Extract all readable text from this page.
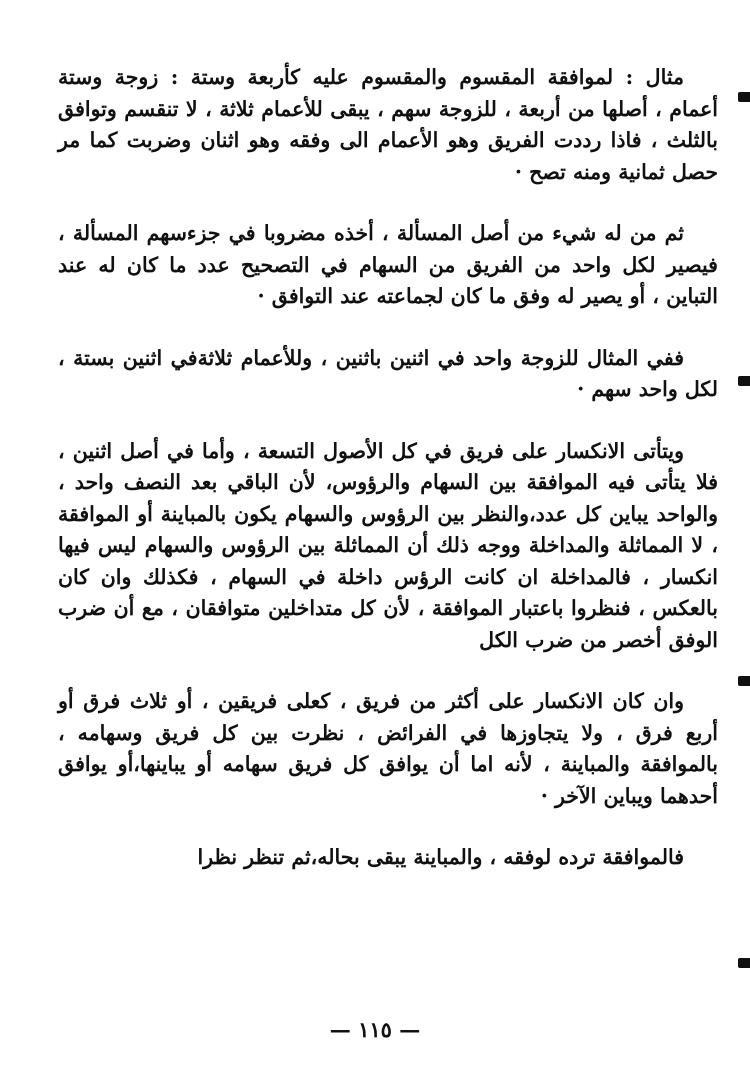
مثال : لموافقة المقسوم والمقسوم عليه كأربعة وستة : زوجة وستة أعمام ، أصلها من أربعة ، للزوجة سهم ، يبقى للأعمام ثلاثة ، لا تنقسم وتوافق بالثلث ، فاذا رددت الفريق وهو الأعمام الى وفقه وهو اثنان وضربت كما مر حصل ثمانية ومنه تصح ·

ثم من له شيء من أصل المسألة ، أخذه مضروبا في جزءسهم المسألة ، فيصير لكل واحد من الفريق من السهام في التصحيح عدد ما كان له عند التباين ، أو يصير له وفق ما كان لجماعته عند التوافق ·

ففي المثال للزوجة واحد في اثنين باثنين ، وللأعمام ثلاثةفي اثنين بستة ، لكل واحد سهم ·

ويتأتى الانكسار على فريق في كل الأصول التسعة ، وأما في أصل اثنين ، فلا يتأتى فيه الموافقة بين السهام والرؤوس، لأن الباقي بعد النصف واحد ، والواحد يباين كل عدد،والنظر بين الرؤوس والسهام يكون بالمباينة أو الموافقة ، لا المماثلة والمداخلة ووجه ذلك أن المماثلة بين الرؤوس والسهام ليس فيها انكسار ، فالمداخلة ان كانت الرؤس داخلة في السهام ، فكذلك وان كان بالعكس ، فنظروا باعتبار الموافقة ، لأن كل متداخلين متوافقان ، مع أن ضرب الوفق أخصر من ضرب الكل

وان كان الانكسار على أكثر من فريق ، كعلى فريقين ، أو ثلاث فرق أو أربع فرق ، ولا يتجاوزها في الفرائض ، نظرت بين كل فريق وسهامه ، بالموافقة والمباينة ، لأنه اما أن يوافق كل فريق سهامه أو يباينها،أو يوافق أحدهما ويباين الآخر ·

فالموافقة ترده لوفقه ، والمباينة يبقى بحاله،ثم تنظر نظرا

— ١١٥ —
